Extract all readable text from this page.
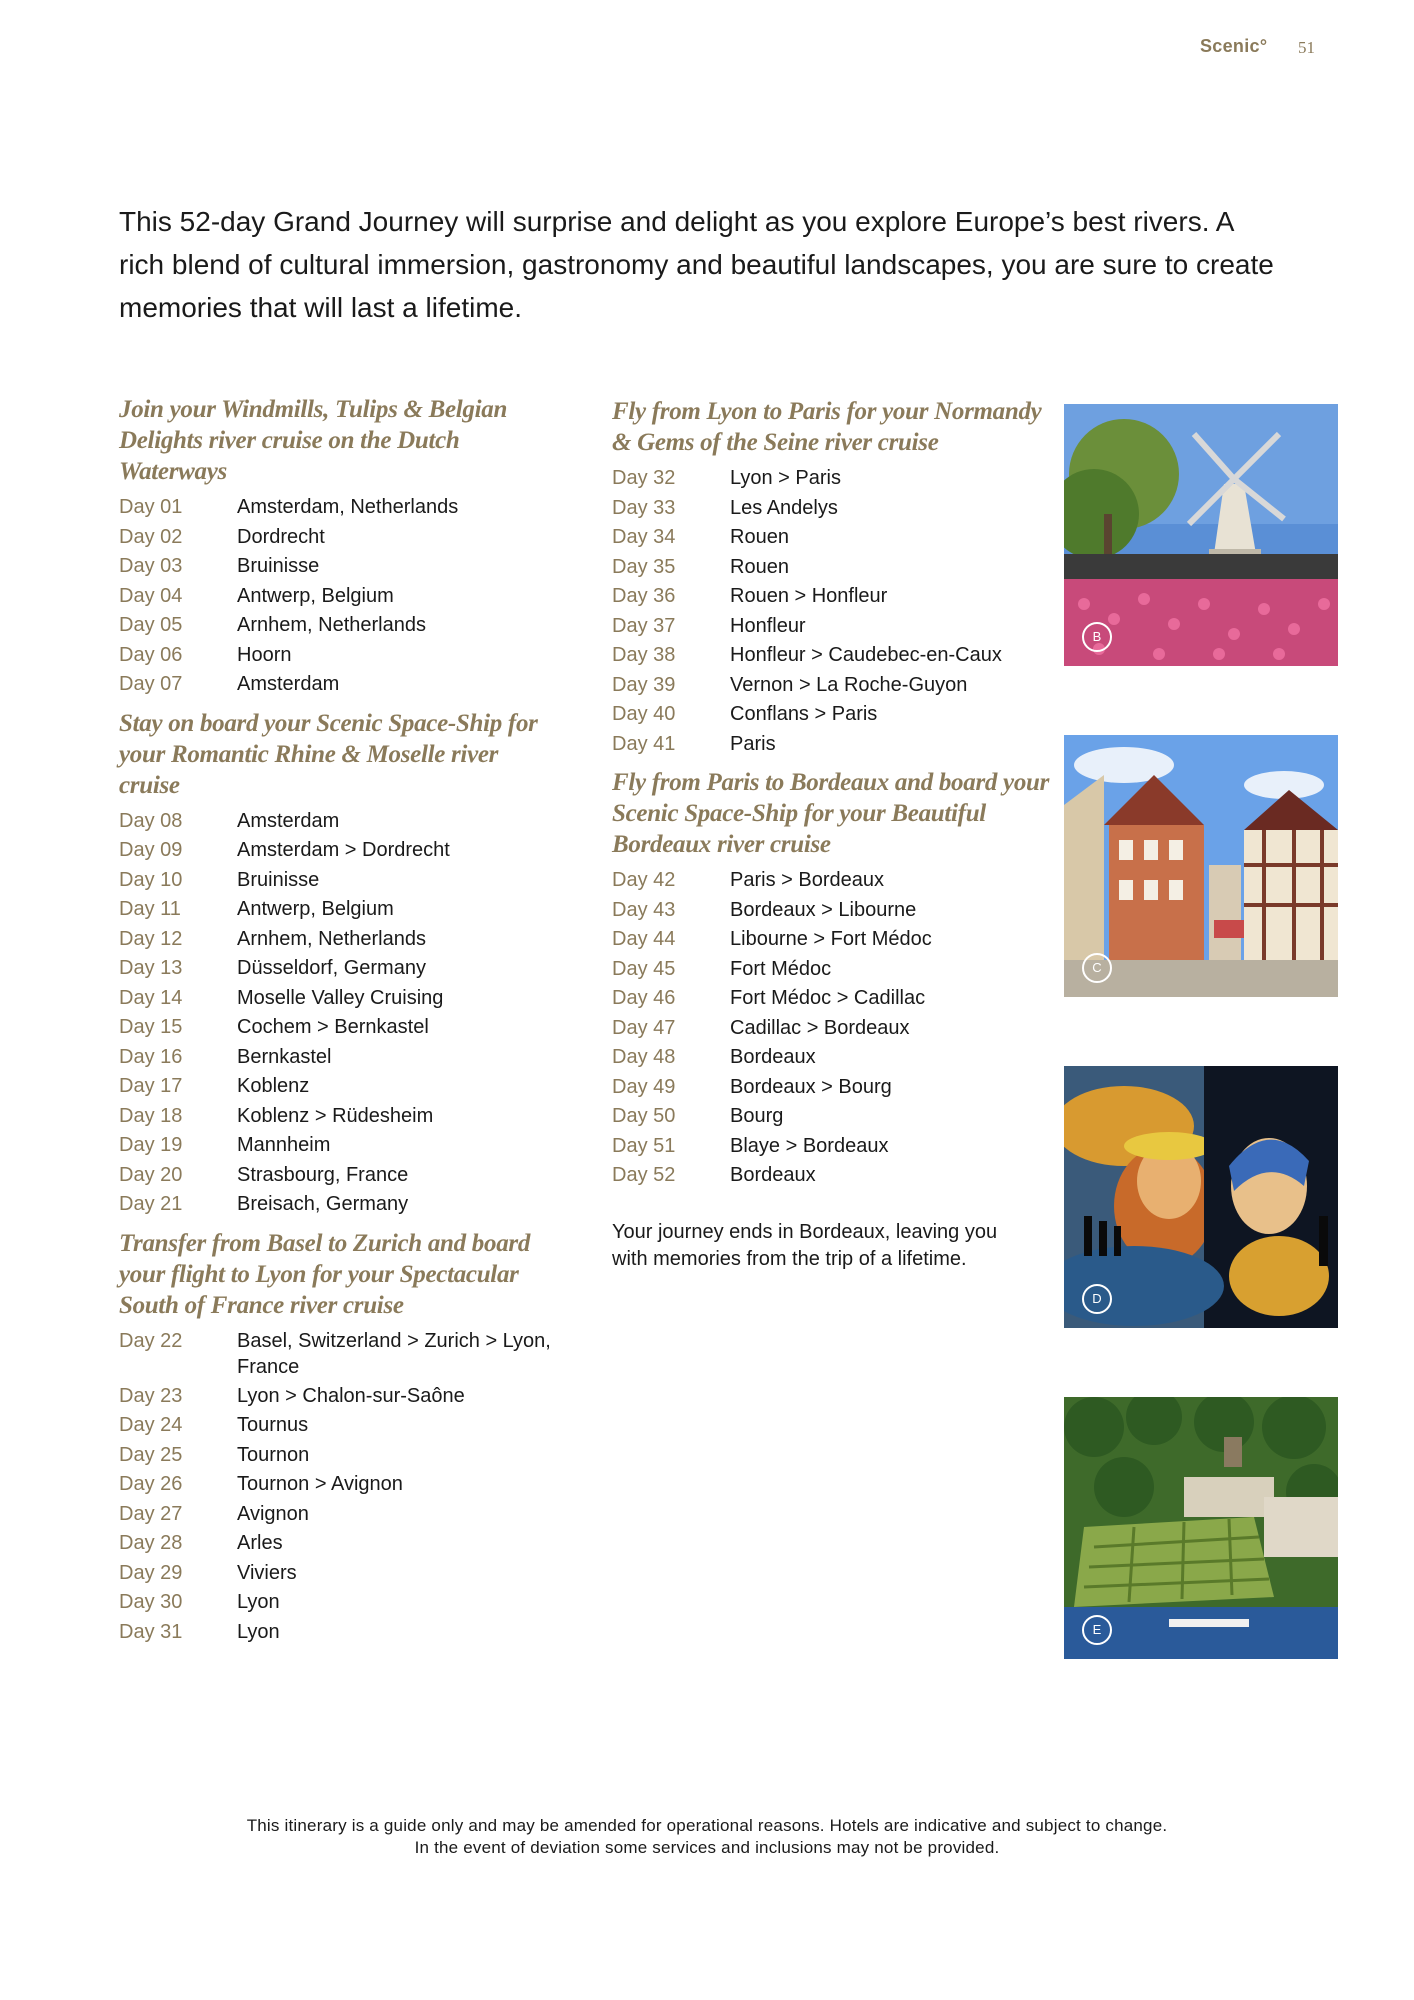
Scenic° 51

This 52-day Grand Journey will surprise and delight as you explore Europe’s best rivers. A rich blend of cultural immersion, gastronomy and beautiful landscapes, you are sure to create memories that will last a lifetime.

Join your Windmills, Tulips & Belgian Delights river cruise on the Dutch Waterways
Day 01	Amsterdam, Netherlands
Day 02	Dordrecht
Day 03	Bruinisse
Day 04	Antwerp, Belgium
Day 05	Arnhem, Netherlands
Day 06	Hoorn
Day 07	Amsterdam
Stay on board your Scenic Space-Ship for your Romantic Rhine & Moselle river cruise
Day 08	Amsterdam
Day 09	Amsterdam > Dordrecht
Day 10	Bruinisse
Day 11	Antwerp, Belgium
Day 12	Arnhem, Netherlands
Day 13	Düsseldorf, Germany
Day 14	Moselle Valley Cruising
Day 15	Cochem > Bernkastel
Day 16	Bernkastel
Day 17	Koblenz
Day 18	Koblenz > Rüdesheim
Day 19	Mannheim
Day 20	Strasbourg, France
Day 21	Breisach, Germany
Transfer from Basel to Zurich and board your flight to Lyon for your Spectacular South of France river cruise
Day 22	Basel, Switzerland > Zurich > Lyon, France
Day 23	Lyon > Chalon-sur-Saône
Day 24	Tournus
Day 25	Tournon
Day 26	Tournon > Avignon
Day 27	Avignon
Day 28	Arles
Day 29	Viviers
Day 30	Lyon
Day 31	Lyon
Fly from Lyon to Paris for your Normandy & Gems of the Seine river cruise
Day 32	Lyon > Paris
Day 33	Les Andelys
Day 34	Rouen
Day 35	Rouen
Day 36	Rouen > Honfleur
Day 37	Honfleur
Day 38	Honfleur > Caudebec-en-Caux
Day 39	Vernon > La Roche-Guyon
Day 40	Conflans > Paris
Day 41	Paris
Fly from Paris to Bordeaux and board your Scenic Space-Ship for your Beautiful Bordeaux river cruise
Day 42	Paris > Bordeaux
Day 43	Bordeaux > Libourne
Day 44	Libourne > Fort Médoc
Day 45	Fort Médoc
Day 46	Fort Médoc > Cadillac
Day 47	Cadillac > Bordeaux
Day 48	Bordeaux
Day 49	Bordeaux > Bourg
Day 50	Bourg
Day 51	Blaye > Bordeaux
Day 52	Bordeaux

Your journey ends in Bordeaux, leaving you with memories from the trip of a lifetime.

B
C
D
E
This itinerary is a guide only and may be amended for operational reasons. Hotels are indicative and subject to change.
In the event of deviation some services and inclusions may not be provided.
